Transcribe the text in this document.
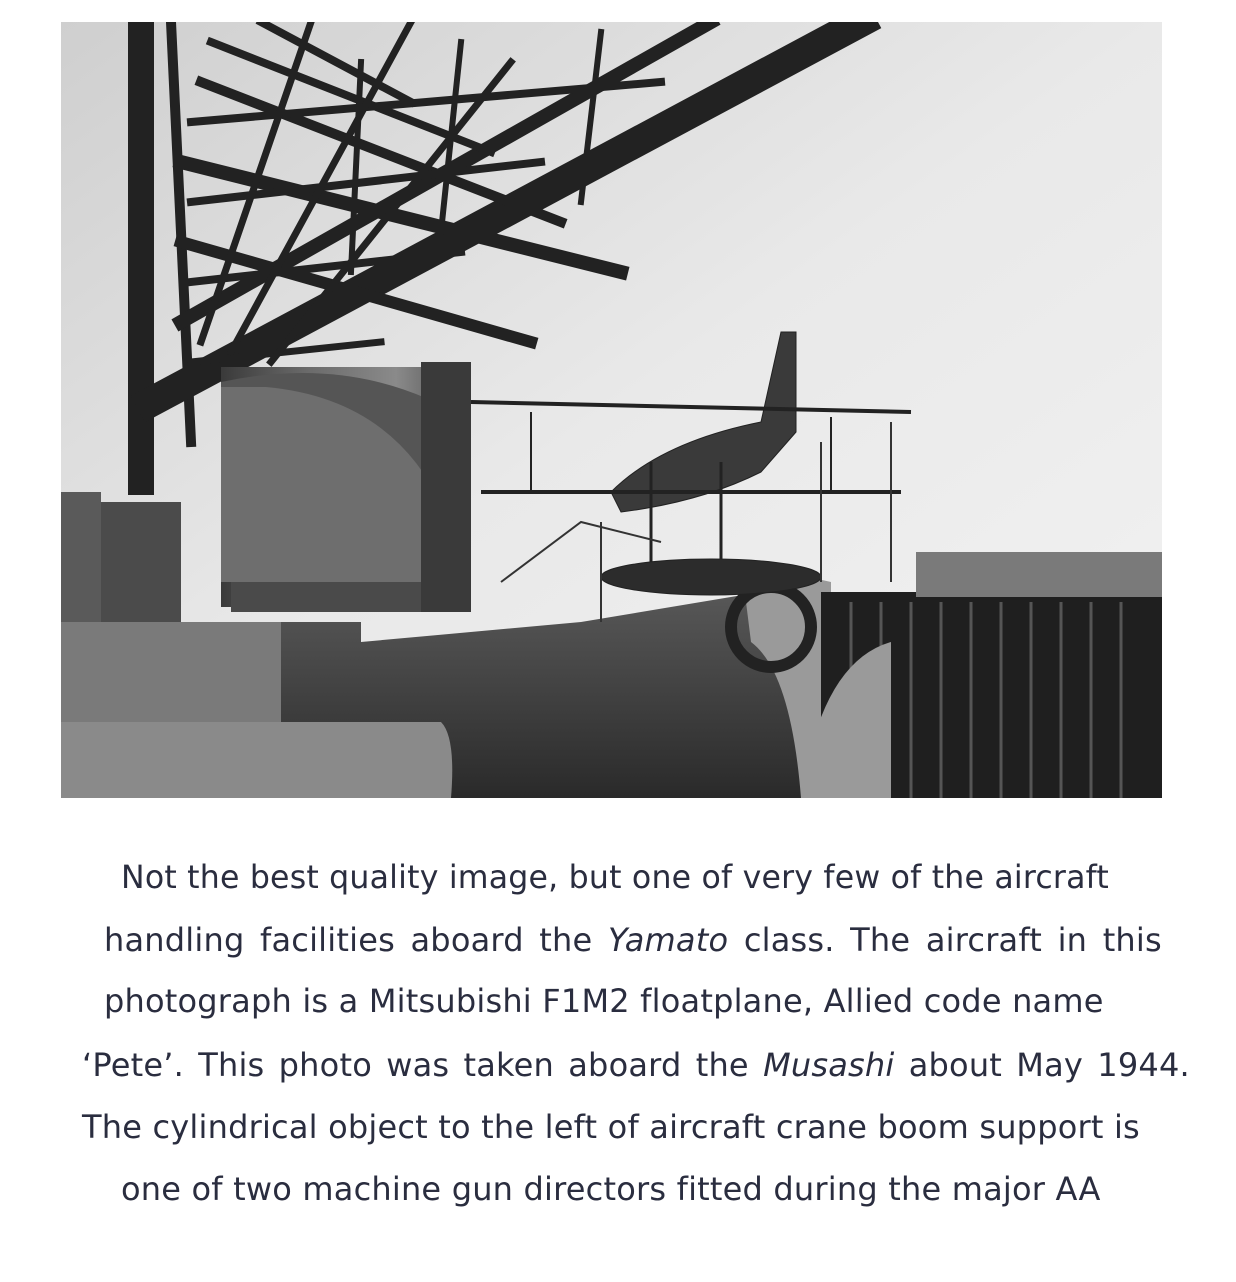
Not the best quality image, but one of very few of the aircraft
handling facilities aboard the Yamato class. The aircraft in this
photograph is a Mitsubishi F1M2 floatplane, Allied code name
‘Pete’. This photo was taken aboard the Musashi about May 1944.
The cylindrical object to the left of aircraft crane boom support is
one of two machine gun directors fitted during the major AA
